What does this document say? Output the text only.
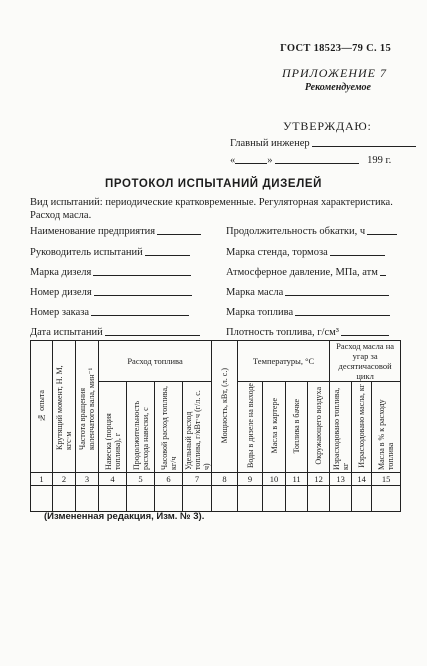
ГОСТ 18523—79 С. 15
ПРИЛОЖЕНИЕ 7
Рекомендуемое
УТВЕРЖДАЮ:
Главный инженер
«	»	199 г.
ПРОТОКОЛ ИСПЫТАНИЙ ДИЗЕЛЕЙ
Вид испытаний: периодические кратковременные. Регуляторная характеристика. Расход масла.
Наименование предприятия
Руководитель испытаний
Марка дизеля
Номер дизеля
Номер заказа
Дата испытаний
Продолжительность обкатки, ч
Марка стенда, тормоза
Атмосферное давление, МПа, атм
Марка масла
Марка топлива
Плотность топлива, г/см³
№ опыта	Крутящий момент, Н. М, кгс·м	Частота вращения коленчатого вала, мин⁻¹	Расход топлива				Мощность, кВт, (л. с.)	Температуры, °С				Расход масла на угар за десятичасовой цикл		
			Навеска (порция топлива), г	Продолжительность расхода навески, с	Часовой расход топлива, кг/ч	Удельный расход топлива, г/кВт·ч (г/л. с. ч)		Воды в дизеле на выходе	Масла в картере	Топлива в бачке	Окружающего воздуха	Израсходовано топлива, кг	Израсходовано масла, кг	Масла в % к расходу топлива
1	2	3	4	5	6	7	8	9	10	11	12	13	14	15

(Измененная редакция, Изм. № 3).
